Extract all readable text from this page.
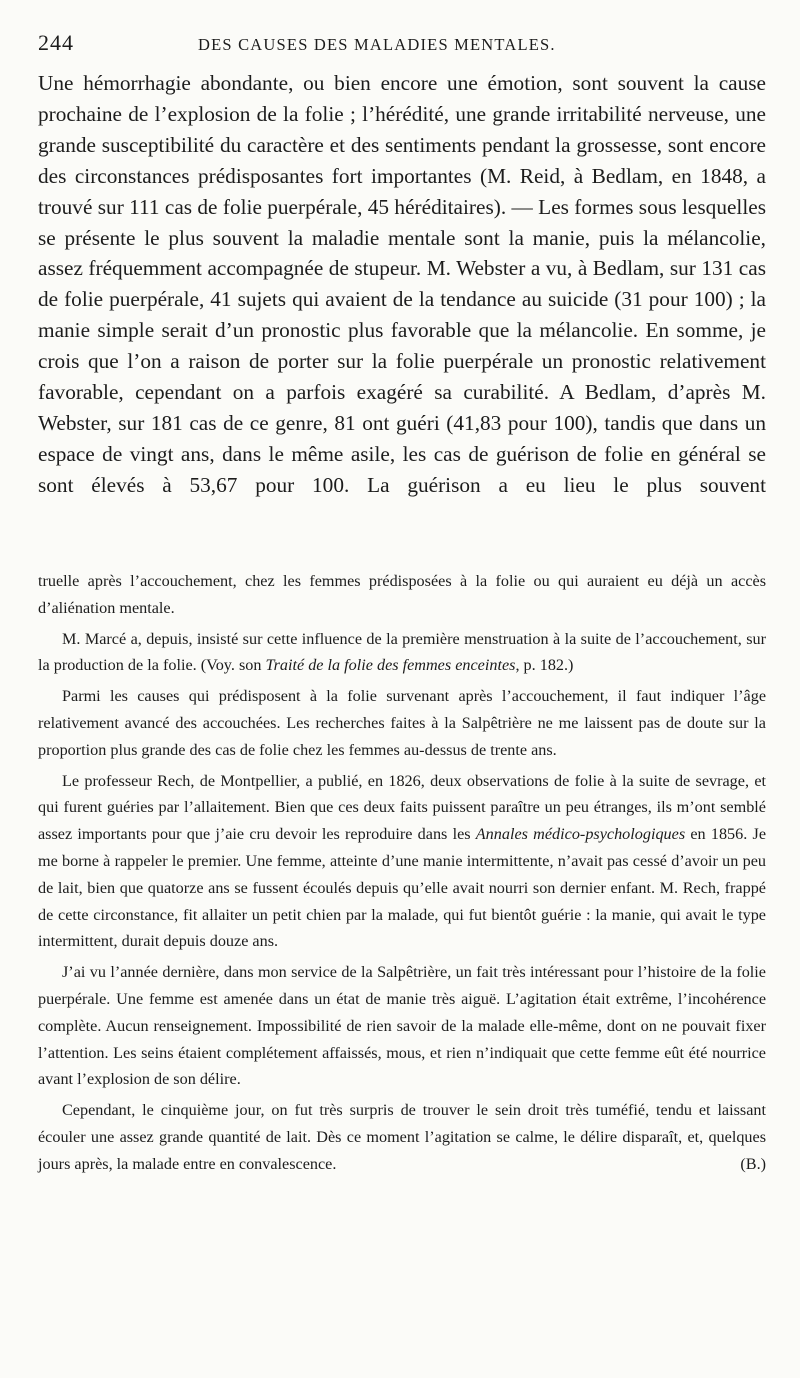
244	DES CAUSES DES MALADIES MENTALES.

Une hémorrhagie abondante, ou bien encore une émotion, sont souvent la cause prochaine de l’explosion de la folie ; l’hérédité, une grande irritabilité nerveuse, une grande susceptibilité du caractère et des sentiments pendant la grossesse, sont encore des circonstances prédisposantes fort importantes (M. Reid, à Bedlam, en 1848, a trouvé sur 111 cas de folie puerpérale, 45 héréditaires). — Les formes sous lesquelles se présente le plus souvent la maladie mentale sont la manie, puis la mélancolie, assez fréquemment accompagnée de stupeur. M. Webster a vu, à Bedlam, sur 131 cas de folie puerpérale, 41 sujets qui avaient de la tendance au suicide (31 pour 100) ; la manie simple serait d’un pronostic plus favorable que la mélancolie. En somme, je crois que l’on a raison de porter sur la folie puerpérale un pronostic relativement favorable, cependant on a parfois exagéré sa curabilité. A Bedlam, d’après M. Webster, sur 181 cas de ce genre, 81 ont guéri (41,83 pour 100), tandis que dans un espace de vingt ans, dans le même asile, les cas de guérison de folie en général se sont élevés à 53,67 pour 100. La guérison a eu lieu le plus souvent

truelle après l’accouchement, chez les femmes prédisposées à la folie ou qui auraient eu déjà un accès d’aliénation mentale.

M. Marcé a, depuis, insisté sur cette influence de la première menstruation à la suite de l’accouchement, sur la production de la folie. (Voy. son Traité de la folie des femmes enceintes, p. 182.)

Parmi les causes qui prédisposent à la folie survenant après l’accouchement, il faut indiquer l’âge relativement avancé des accouchées. Les recherches faites à la Salpêtrière ne me laissent pas de doute sur la proportion plus grande des cas de folie chez les femmes au-dessus de trente ans.

Le professeur Rech, de Montpellier, a publié, en 1826, deux observations de folie à la suite de sevrage, et qui furent guéries par l’allaitement. Bien que ces deux faits puissent paraître un peu étranges, ils m’ont semblé assez importants pour que j’aie cru devoir les reproduire dans les Annales médico-psychologiques en 1856. Je me borne à rappeler le premier. Une femme, atteinte d’une manie intermittente, n’avait pas cessé d’avoir un peu de lait, bien que quatorze ans se fussent écoulés depuis qu’elle avait nourri son dernier enfant. M. Rech, frappé de cette circonstance, fit allaiter un petit chien par la malade, qui fut bientôt guérie : la manie, qui avait le type intermittent, durait depuis douze ans.

J’ai vu l’année dernière, dans mon service de la Salpêtrière, un fait très intéressant pour l’histoire de la folie puerpérale. Une femme est amenée dans un état de manie très aiguë. L’agitation était extrême, l’incohérence complète. Aucun renseignement. Impossibilité de rien savoir de la malade elle-même, dont on ne pouvait fixer l’attention. Les seins étaient complétement affaissés, mous, et rien n’indiquait que cette femme eût été nourrice avant l’explosion de son délire.

Cependant, le cinquième jour, on fut très surpris de trouver le sein droit très tuméfié, tendu et laissant écouler une assez grande quantité de lait. Dès ce moment l’agitation se calme, le délire disparaît, et, quelques jours après, la malade entre en convalescence.	(B.)
